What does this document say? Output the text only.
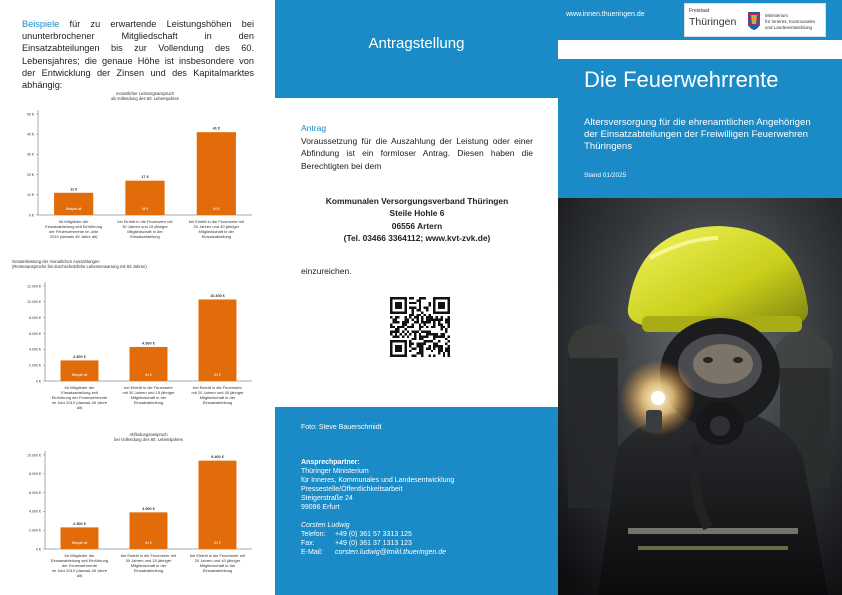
Beispiele für zu erwartende Leistungshöhen bei ununterbrochener Mitgliedschaft in den Einsatzabteilungen bis zur Vollendung des 60. Lebensjahres; die genaue Höhe ist insbesondere von der Entwicklung der Zinsen und des Kapitalmarktes abhängig:

monatlicher Leistungsanspruch
ab Vollendung des 60. Lebensjahres
0 €
10 €
20 €
30 €
40 €
50 €
11 €
Beispiel alt
für Mitglieder der
Einsatzabteilung seit Einführung
der Feuerwehrrente im Jahr
2010 (damals 45 Jahre alt)
17 €
64 €
bei Eintritt in die Feuerwehr mit
30 Jahren und 15 jähriger
Mitgliedschaft in der
Einsatzabteilung
41 €
64 €
bei Eintritt in die Feuerwehr mit
20 Jahren und 40 jähriger
Mitgliedschaft in der
Einsatzabteilung
Gesamtleistung der monatlichen Auszahlungen
(Rentenansprüche bis durchschnittliche Lebenserwartung mit 83 Jahren)
0 €
2.000 €
4.000 €
6.000 €
8.000 €
10.000 €
12.000 €
2.600 €
Beispiel alt
für Mitglieder der
Einsatzabteilung seit
Einführung der Feuerwehrrente
im Jahr 2010 (damals 45 Jahre
alt)
4.300 €
64 €
bei Eintritt in die Feuerwehr
mit 30 Jahren und 15 jähriger
Mitgliedschaft in der
Einsatzabteilung
10.300 €
64 €
bei Eintritt in die Feuerwehr
mit 20 Jahren und 40 jähriger
Mitgliedschaft in der
Einsatzabteilung
Abfindungsanspruch
bei Vollendung des 60. Lebensjahres
0 €
2.000 €
4.000 €
6.000 €
8.000 €
10.000 €
2.300 €
Beispiel alt
für Mitglieder der
Einsatzabteilung seit Einführung
der Feuerwehrrente
im Jahr 2010 (damals 45 Jahre
alt)
3.900 €
64 €
bei Eintritt in die Feuerwehr mit
30 Jahren und 15 jähriger
Mitgliedschaft in der
Einsatzabteilung
9.400 €
64 €
bei Eintritt in die Feuerwehr mit
20 Jahren und 40 jähriger
Mitgliedschaft in der
Einsatzabteilung
Antragstellung
Antrag
Voraussetzung für die Auszahlung der Leistung oder einer Abfindung ist ein formloser Antrag. Diesen haben die Berechtigten bei dem
Kommunalen Versorgungsverband Thüringen
Steile Hohle 6
06556 Artern
(Tel. 03466 3364112; www.kvt-zvk.de)
einzureichen.
Foto: Steve Bauerschmidt
Ansprechpartner:
Thüringer Ministerium
für Inneres, Kommunales und Landesentwicklung
Pressestelle/Öffentlichkeitsarbeit
Steigerstraße 24
99096 Erfurt
Corsten Ludwig
Telefon:	+49 (0) 361 57 3313 125
Fax:	+49 (0) 361 37 1313 123
E-Mail:	corsten.ludwig@tmikl.thueringen.de
www.innen.thueringen.de	Freistaat
Thüringen
Ministerium
für Inneres, Kommunales
und Landesentwicklung
Die Feuerwehrrente
Altersversorgung für die ehrenamtlichen Angehörigen der Einsatzabteilungen der Freiwilligen Feuerwehren Thüringens
Stand 01/2025
